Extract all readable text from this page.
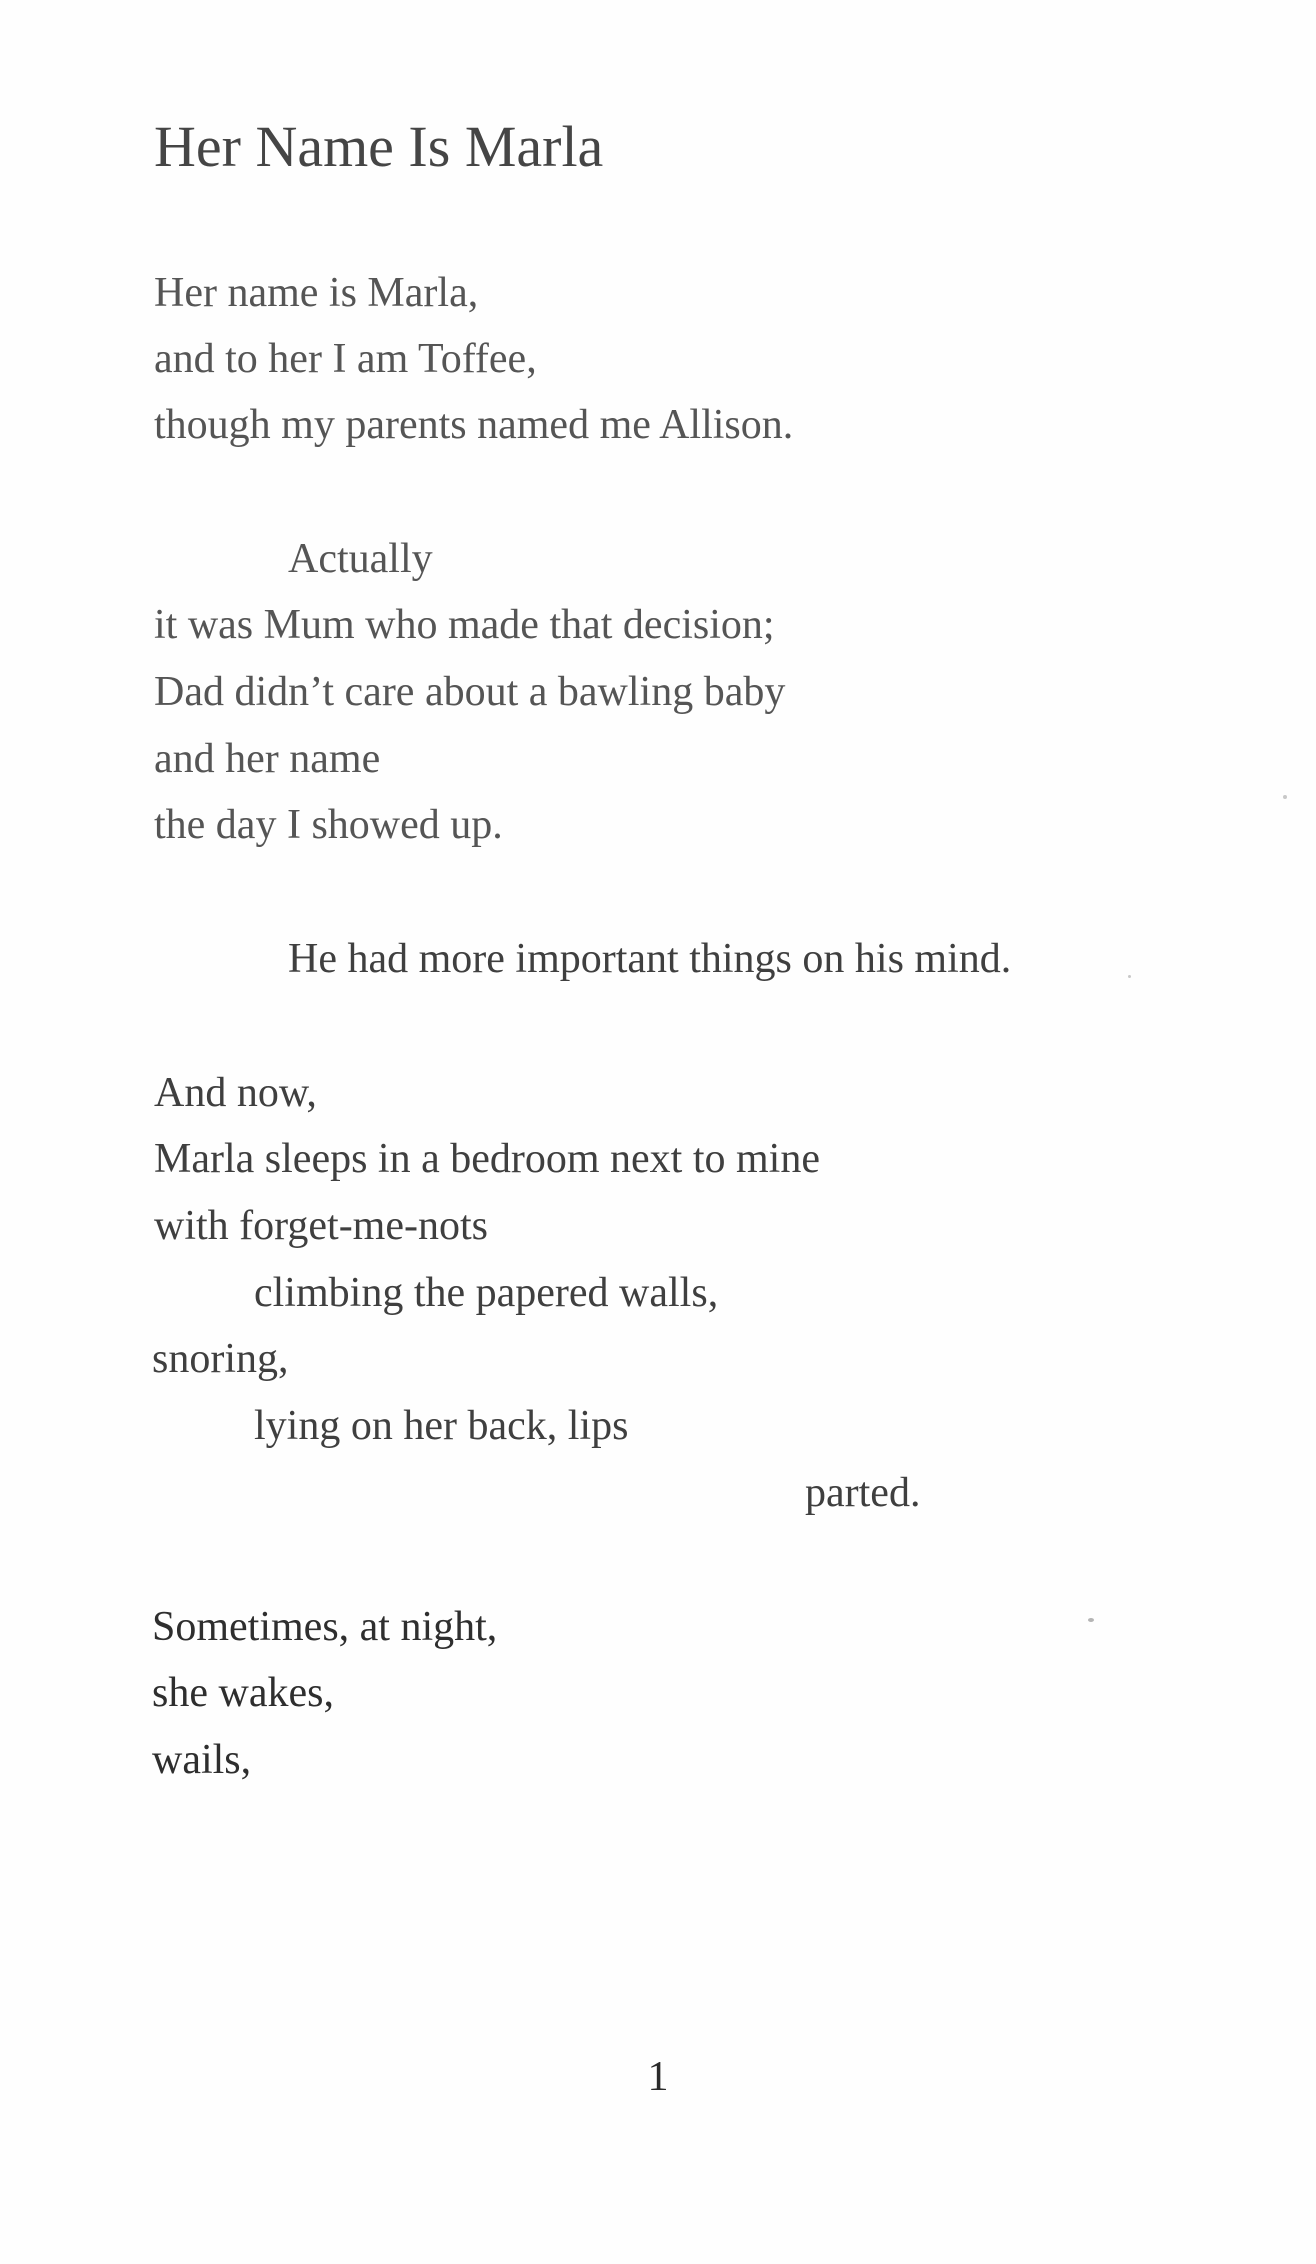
Her Name Is Marla

Her name is Marla,

and to her I am Toffee,

though my parents named me Allison.

Actually

it was Mum who made that decision;

Dad didn’t care about a bawling baby

and her name

the day I showed up.

He had more important things on his mind.

And now,

Marla sleeps in a bedroom next to mine

with forget-me-nots

climbing the papered walls,

snoring,

lying on her back, lips

parted.

Sometimes, at night,

she wakes,

wails,

1
